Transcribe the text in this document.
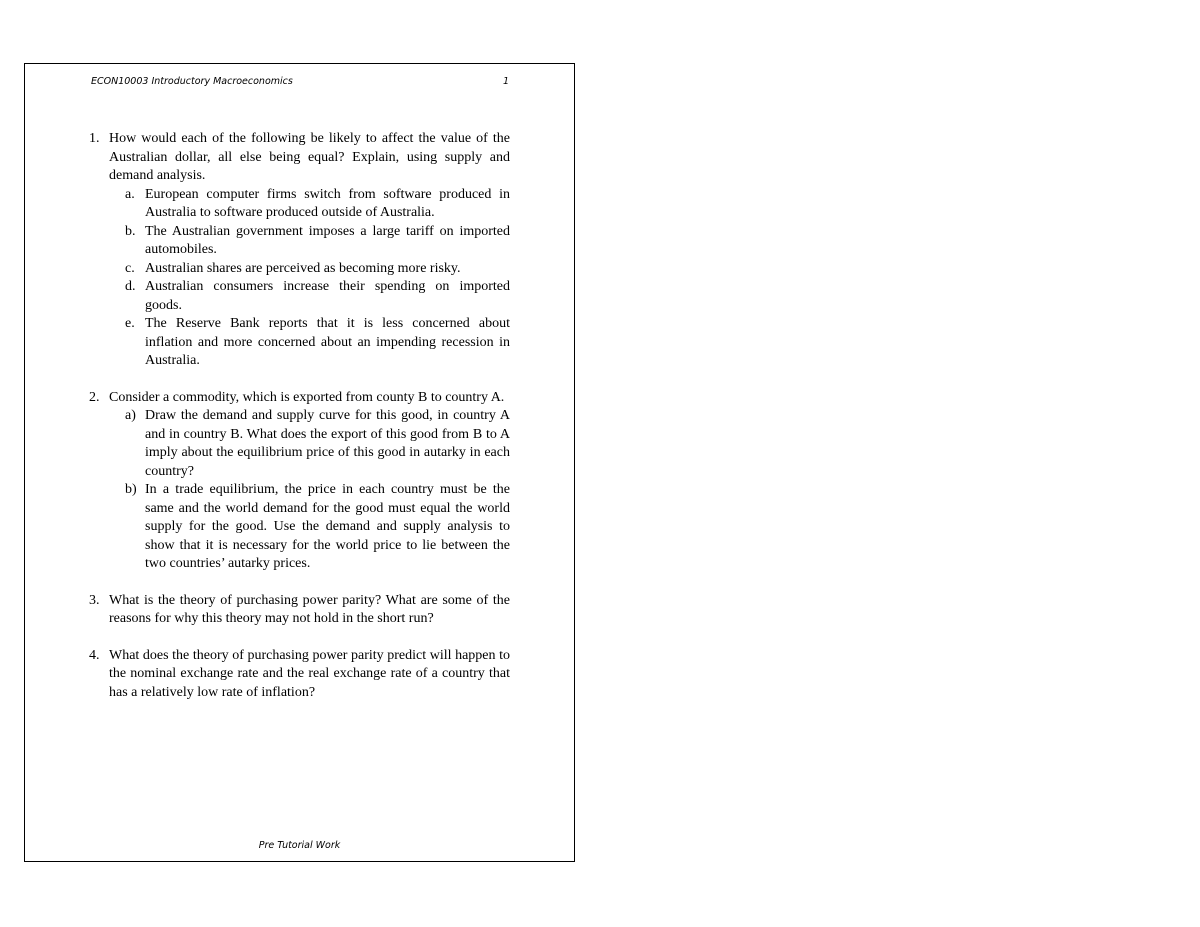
ECON10003 Introductory Macroeconomics	1
1. How would each of the following be likely to affect the value of the Australian dollar, all else being equal? Explain, using supply and demand analysis.
a. European computer firms switch from software produced in Australia to software produced outside of Australia.
b. The Australian government imposes a large tariff on imported automobiles.
c. Australian shares are perceived as becoming more risky.
d. Australian consumers increase their spending on imported goods.
e. The Reserve Bank reports that it is less concerned about inflation and more concerned about an impending recession in Australia.
2. Consider a commodity, which is exported from county B to country A.
a) Draw the demand and supply curve for this good, in country A and in country B. What does the export of this good from B to A imply about the equilibrium price of this good in autarky in each country?
b) In a trade equilibrium, the price in each country must be the same and the world demand for the good must equal the world supply for the good. Use the demand and supply analysis to show that it is necessary for the world price to lie between the two countries’ autarky prices.
3. What is the theory of purchasing power parity? What are some of the reasons for why this theory may not hold in the short run?
4. What does the theory of purchasing power parity predict will happen to the nominal exchange rate and the real exchange rate of a country that has a relatively low rate of inflation?
Pre Tutorial Work
